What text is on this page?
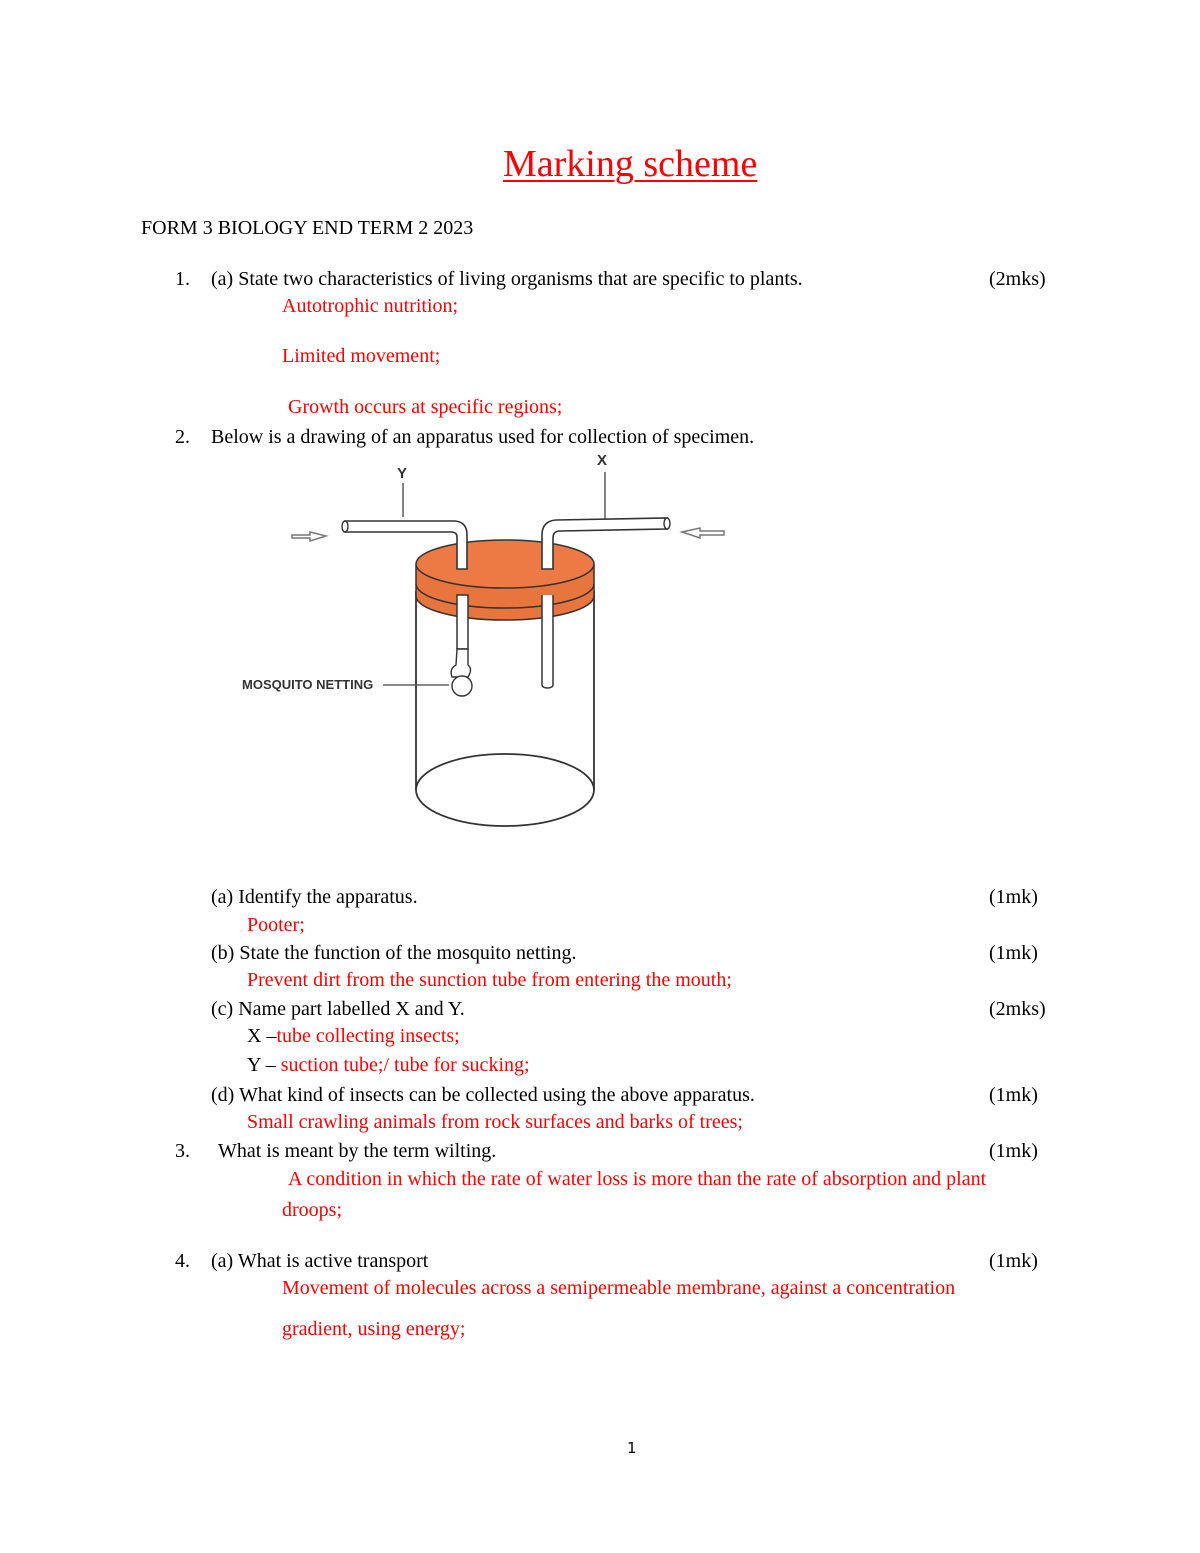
Marking scheme
FORM 3 BIOLOGY END TERM 2 2023
1. (a) State two characteristics of living organisms that are specific to plants.	(2mks)
Autotrophic nutrition;
Limited movement;
Growth occurs at specific regions;
2. Below is a drawing of an apparatus used for collection of specimen.
Y
X
MOSQUITO NETTING
(a) Identify the apparatus.	(1mk)
Pooter;
(b) State the function of the mosquito netting.	(1mk)
Prevent dirt from the sunction tube from entering the mouth;
(c) Name part labelled X and Y.	(2mks)
X –tube collecting insects;
Y – suction tube;/ tube for sucking;
(d) What kind of insects can be collected using the above apparatus.	(1mk)
Small crawling animals from rock surfaces and barks of trees;
3. What is meant by the term wilting.	(1mk)
A condition in which the rate of water loss is more than the rate of absorption and plant
droops;
4. (a) What is active transport	(1mk)
Movement of molecules across a semipermeable membrane, against a concentration
gradient, using energy;
1
